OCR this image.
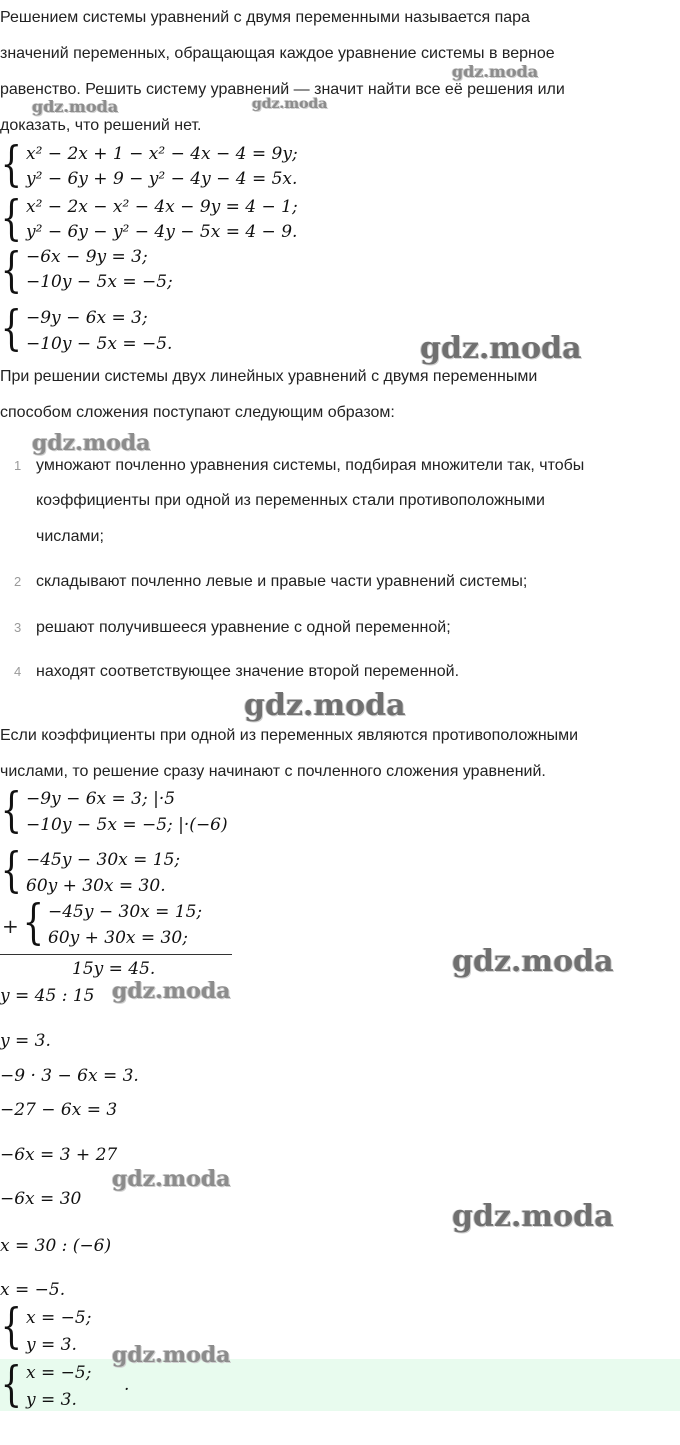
Решением системы уравнений с двумя переменными называется пара
значений переменных, обращающая каждое уравнение системы в верное
равенство. Решить систему уравнений — значит найти все её решения или
доказать, что решений нет.
{ x² − 2x + 1 − x² − 4x − 4 = 9y;
y² − 6y + 9 − y² − 4y − 4 = 5x.
{ x² − 2x − x² − 4x − 9y = 4 − 1;
y² − 6y − y² − 4y − 5x = 4 − 9.
{ −6x − 9y = 3;
−10y − 5x = −5;
{ −9y − 6x = 3;
−10y − 5x = −5.
При решении системы двух линейных уравнений с двумя переменными
способом сложения поступают следующим образом:
1 умножают почленно уравнения системы, подбирая множители так, чтобы
коэффициенты при одной из переменных стали противоположными
числами;
2 складывают почленно левые и правые части уравнений системы;
3 решают получившееся уравнение с одной переменной;
4 находят соответствующее значение второй переменной.
Если коэффициенты при одной из переменных являются противоположными
числами, то решение сразу начинают с почленного сложения уравнений.
{ −9y − 6x = 3; |·5
−10y − 5x = −5; |·(−6)
{ −45y − 30x = 15;
60y + 30x = 30.
+ { −45y − 30x = 15;
60y + 30x = 30;
15y = 45.
y = 45 : 15
y = 3.
−9 · 3 − 6x = 3.
−27 − 6x = 3
−6x = 3 + 27
−6x = 30
x = 30 : (−6)
x = −5.
{ x = −5;
y = 3.
{ x = −5;
y = 3.
.
gdz.moda
gdz.moda	gdz.moda
gdz.moda
gdz.moda
gdz.moda
gdz.moda
gdz.moda
gdz.moda
gdz.moda
gdz.moda
